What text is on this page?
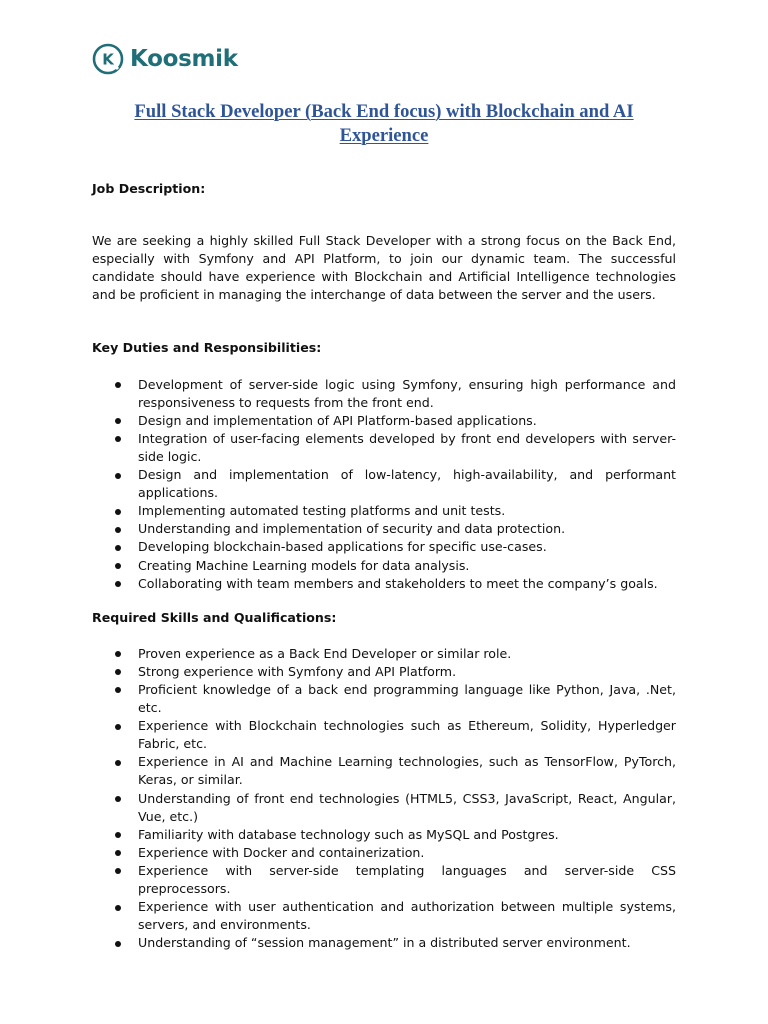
K Koosmik
Full Stack Developer (Back End focus) with Blockchain and AI Experience

Job Description:

We are seeking a highly skilled Full Stack Developer with a strong focus on the Back End, especially with Symfony and API Platform, to join our dynamic team. The successful candidate should have experience with Blockchain and Artificial Intelligence technologies and be proficient in managing the interchange of data between the server and the users.

Key Duties and Responsibilities:

Development of server-side logic using Symfony, ensuring high performance and responsiveness to requests from the front end.
Design and implementation of API Platform-based applications.
Integration of user-facing elements developed by front end developers with server-side logic.
Design and implementation of low-latency, high-availability, and performant applications.
Implementing automated testing platforms and unit tests.
Understanding and implementation of security and data protection.
Developing blockchain-based applications for specific use-cases.
Creating Machine Learning models for data analysis.
Collaborating with team members and stakeholders to meet the company’s goals.

Required Skills and Qualifications:

Proven experience as a Back End Developer or similar role.
Strong experience with Symfony and API Platform.
Proficient knowledge of a back end programming language like Python, Java, .Net, etc.
Experience with Blockchain technologies such as Ethereum, Solidity, Hyperledger Fabric, etc.
Experience in AI and Machine Learning technologies, such as TensorFlow, PyTorch, Keras, or similar.
Understanding of front end technologies (HTML5, CSS3, JavaScript, React, Angular, Vue, etc.)
Familiarity with database technology such as MySQL and Postgres.
Experience with Docker and containerization.
Experience with server-side templating languages and server-side CSS preprocessors.
Experience with user authentication and authorization between multiple systems, servers, and environments.
Understanding of “session management” in a distributed server environment.
